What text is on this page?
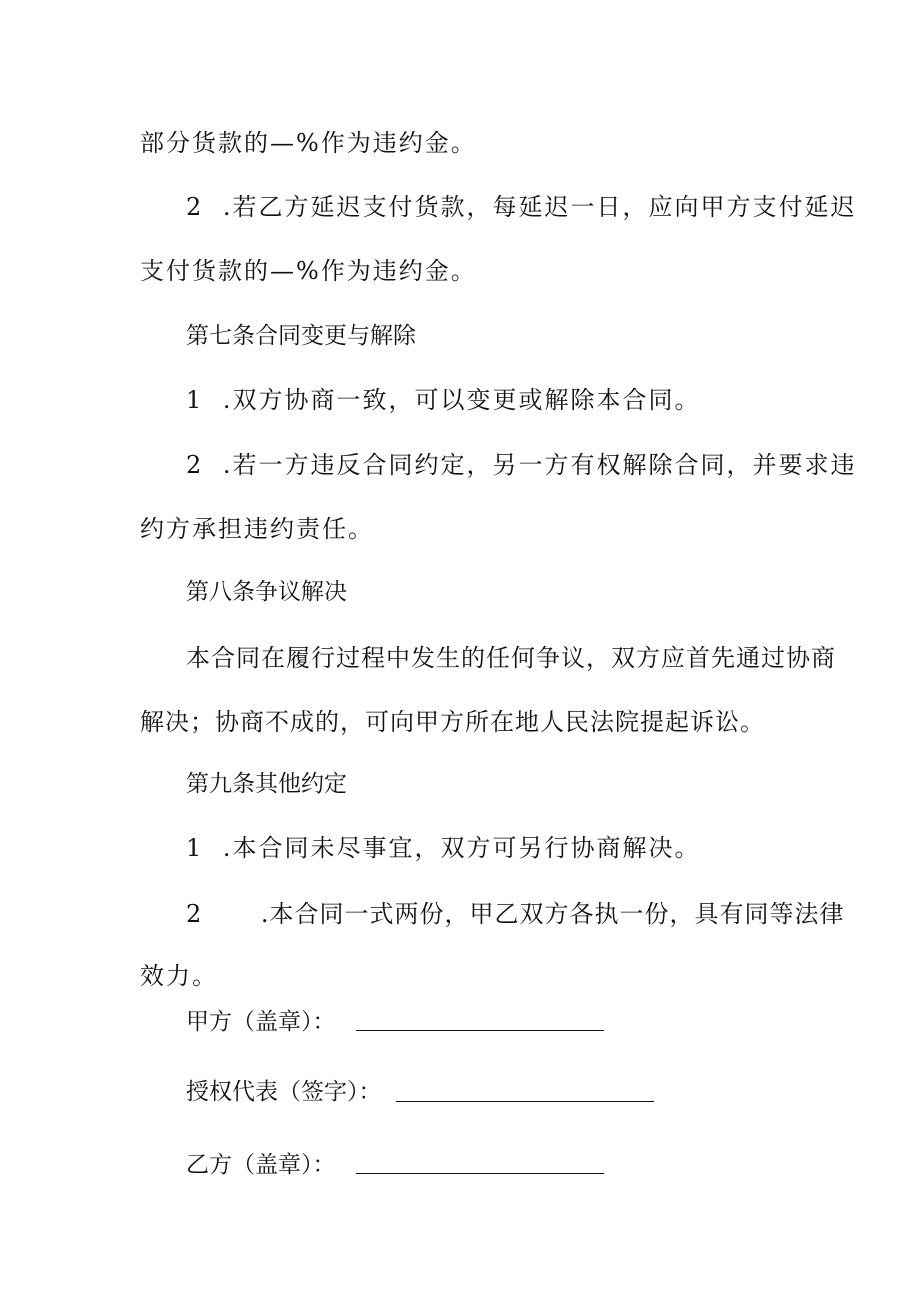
部分货款的—%作为违约金。
2 .若乙方延迟支付货款，每延迟一日，应向甲方支付延迟
支付货款的—%作为违约金。
第七条合同变更与解除
1 .双方协商一致，可以变更或解除本合同。
2 .若一方违反合同约定，另一方有权解除合同，并要求违
约方承担违约责任。
第八条争议解决
本合同在履行过程中发生的任何争议，双方应首先通过协商
解决；协商不成的，可向甲方所在地人民法院提起诉讼。
第九条其他约定
1 .本合同未尽事宜，双方可另行协商解决。
2 .本合同一式两份，甲乙双方各执一份，具有同等法律
效力。
甲方（盖章）：
授权代表（签字）：
乙方（盖章）：
